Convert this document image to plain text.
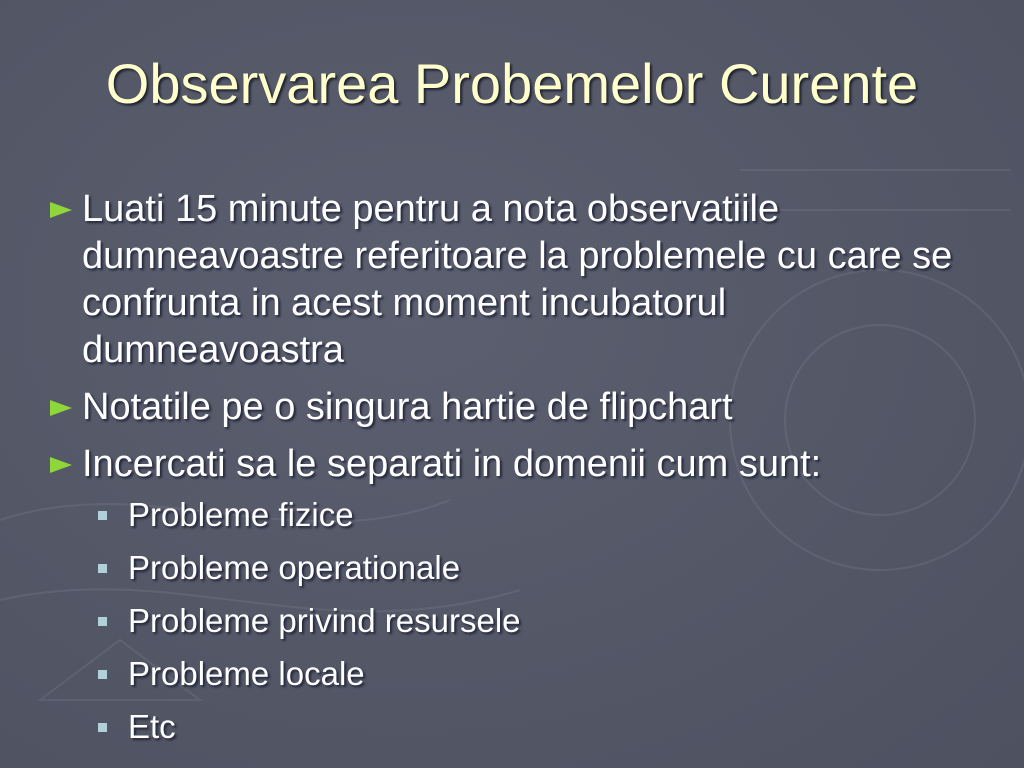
Observarea Probemelor Curente
Luati 15 minute pentru a nota observatiile dumneavoastre referitoare la problemele cu care se confrunta in acest moment incubatorul dumneavoastra
Notatile pe o singura hartie de flipchart
Incercati sa le separati in domenii cum sunt:
Probleme fizice
Probleme operationale
Probleme privind resursele
Probleme locale
Etc
